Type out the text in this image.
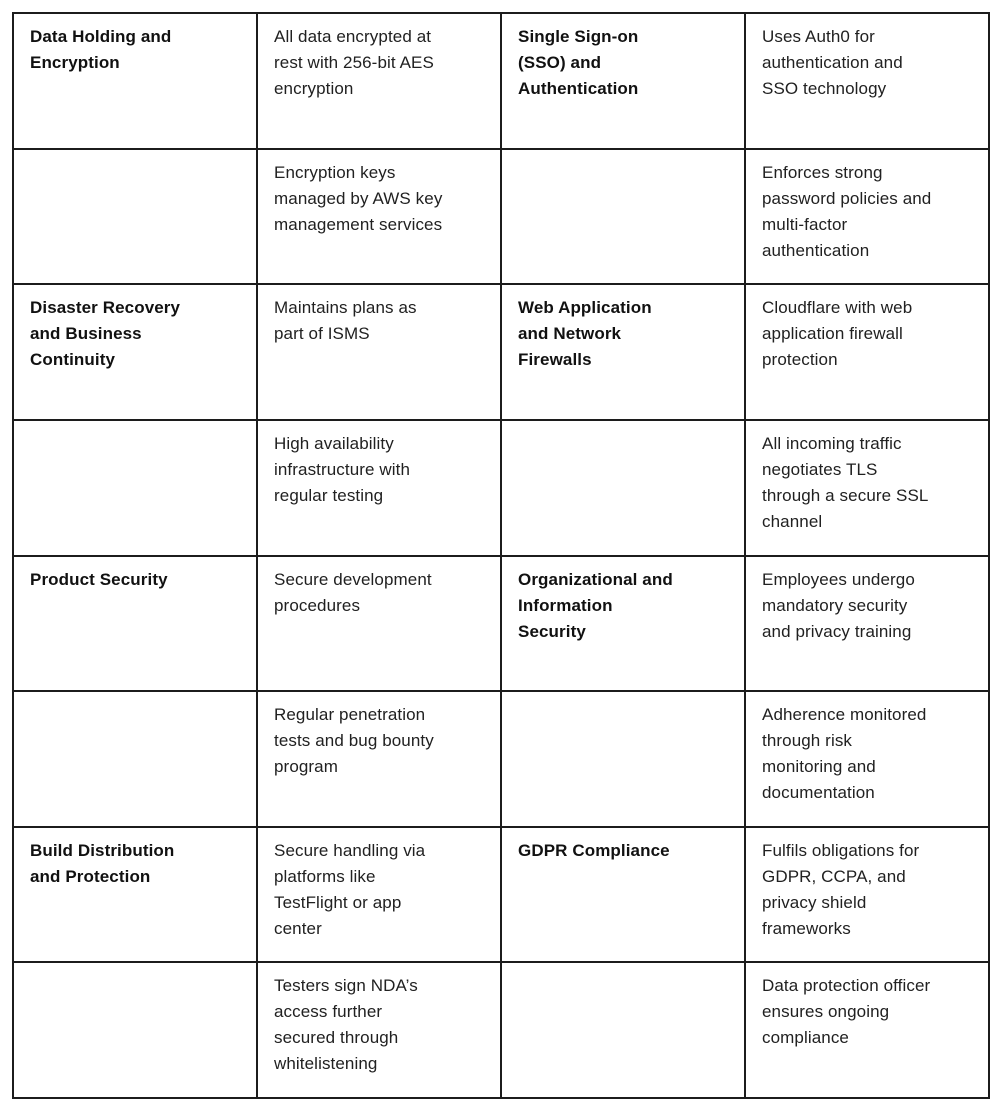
Data Holding and Encryption	All data encrypted at rest with 256-bit AES encryption	Single Sign-on (SSO) and Authentication	Uses Auth0 for authentication and SSO technology

	Encryption keys managed by AWS key management services		Enforces strong password policies and multi-factor authentication

Disaster Recovery and Business Continuity	Maintains plans as part of ISMS	Web Application and Network Firewalls	Cloudflare with web application firewall protection

	High availability infrastructure with regular testing		All incoming traffic negotiates TLS through a secure SSL channel

Product Security	Secure development procedures	Organizational and Information Security	Employees undergo mandatory security and privacy training

	Regular penetration tests and bug bounty program		Adherence monitored through risk monitoring and documentation

Build Distribution and Protection	Secure handling via platforms like TestFlight or app center	GDPR Compliance	Fulfils obligations for GDPR, CCPA, and privacy shield frameworks

	Testers sign NDA’s access further secured through whitelistening		Data protection officer ensures ongoing compliance
